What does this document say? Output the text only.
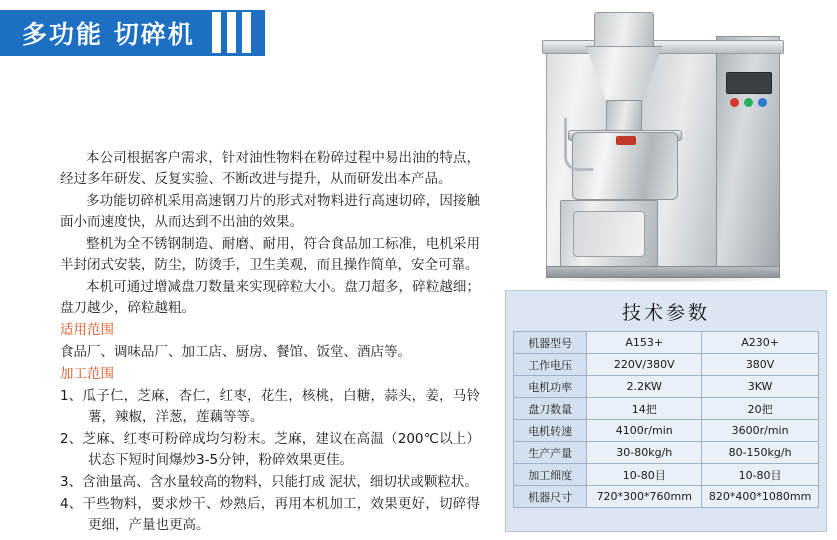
多功能 切碎机

本公司根据客户需求，针对油性物料在粉碎过程中易出油的特点，经过多年研发、反复实验、不断改进与提升，从而研发出本产品。

多功能切碎机采用高速钢刀片的形式对物料进行高速切碎，因接触面小而速度快，从而达到不出油的效果。

整机为全不锈钢制造、耐磨、耐用，符合食品加工标准，电机采用半封闭式安装，防尘，防烫手，卫生美观，而且操作简单，安全可靠。

本机可通过增减盘刀数量来实现碎粒大小。盘刀超多，碎粒越细；盘刀越少，碎粒越粗。

适用范围

食品厂、调味品厂、加工店、厨房、餐馆、饭堂、酒店等。

加工范围

1、瓜子仁，芝麻，杏仁，红枣，花生，核桃，白糖，蒜头，姜，马铃薯，辣椒，洋葱，莲藕等等。

2、芝麻、红枣可粉碎成均匀粉末。芝麻，建议在高温（200℃以上）状态下短时间爆炒3-5分钟，粉碎效果更佳。

3、含油量高、含水量较高的物料，只能打成 泥状，细切状或颗粒状。

4、干些物料，要求炒干、炒熟后，再用本机加工，效果更好，切碎得更细，产量也更高。

技术参数
机器型号	A153+	A230+
工作电压	220V/380V	380V
电机功率	2.2KW	3KW
盘刀数量	14把	20把
电机转速	4100r/min	3600r/min
生产产量	30-80kg/h	80-150kg/h
加工细度	10-80目	10-80目
机器尺寸	720*300*760mm	820*400*1080mm
